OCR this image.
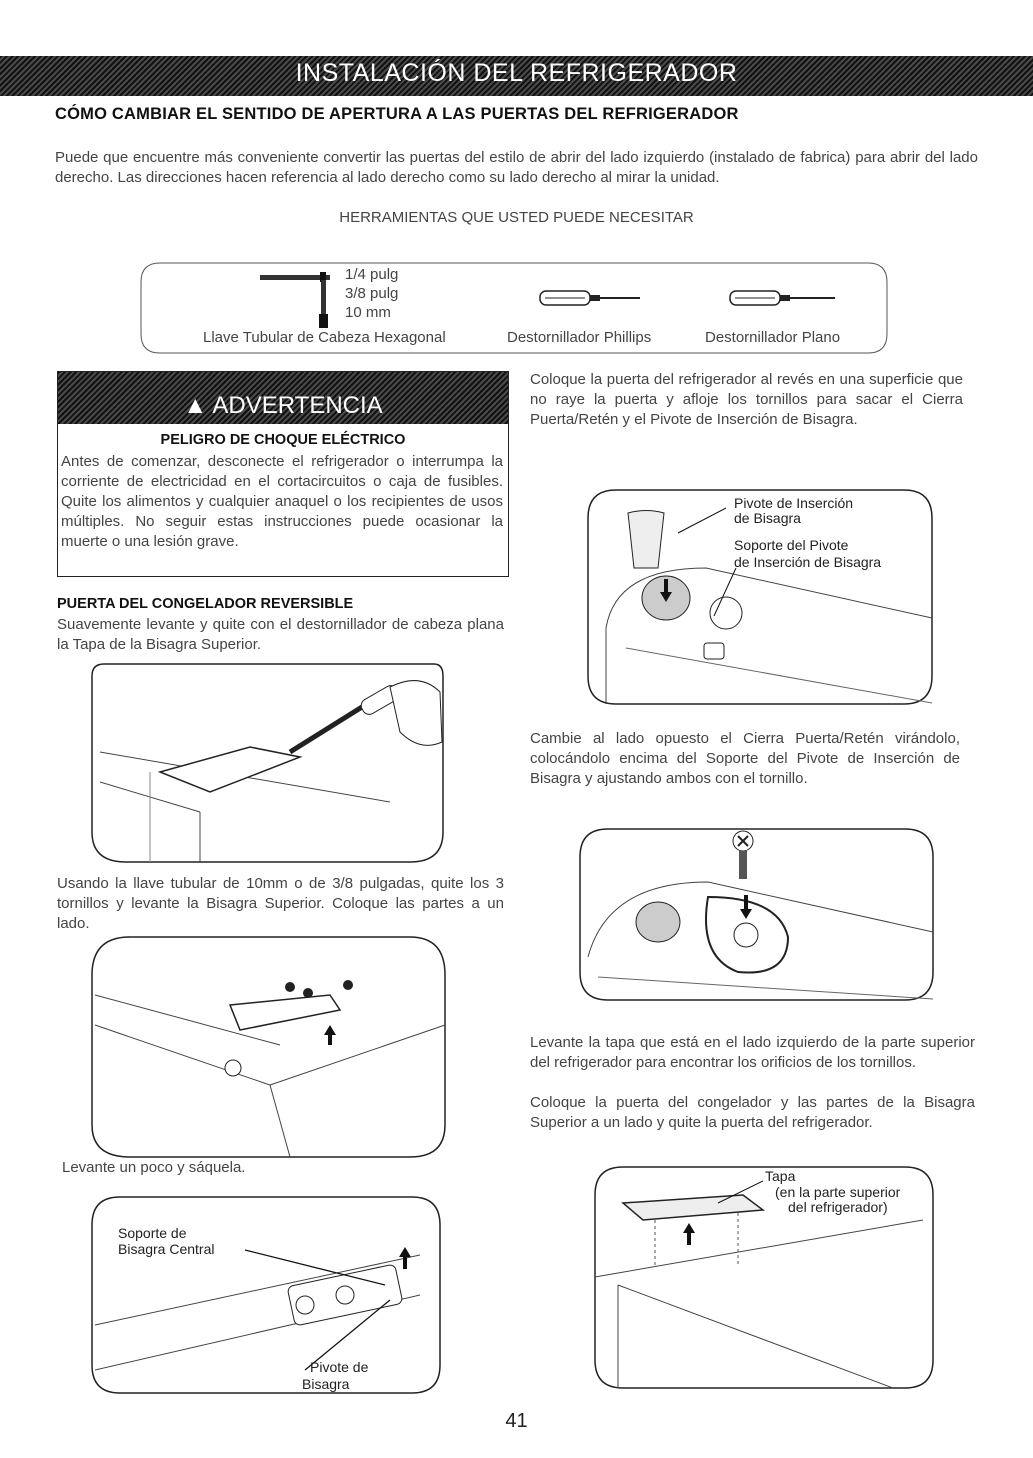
INSTALACIÓN DEL REFRIGERADOR
CÓMO CAMBIAR EL SENTIDO DE APERTURA A LAS PUERTAS DEL REFRIGERADOR
Puede que encuentre más conveniente convertir las puertas del estilo de abrir del lado izquierdo (instalado de fabrica) para abrir del lado derecho. Las direcciones hacen referencia al lado derecho como su lado derecho al mirar la unidad.
HERRAMIENTAS QUE USTED PUEDE NECESITAR
1/4 pulg
3/8 pulg
10 mm
Llave Tubular de Cabeza Hexagonal	Destornillador Phillips	Destornillador Plano
▲ ADVERTENCIA
PELIGRO DE CHOQUE ELÉCTRICO
Antes de comenzar, desconecte el refrigerador o interrumpa la corriente de electricidad en el cortacircuitos o caja de fusibles. Quite los alimentos y cualquier anaquel o los recipientes de usos múltiples. No seguir estas instrucciones puede ocasionar la muerte o una lesión grave.
PUERTA DEL CONGELADOR REVERSIBLE
Suavemente levante y quite con el destornillador de cabeza plana la Tapa de la Bisagra Superior.
Usando la llave tubular de 10mm o de 3/8 pulgadas, quite los 3 tornillos y levante la Bisagra Superior. Coloque las partes a un lado.
Levante un poco y sáquela.
Soporte de
Bisagra Central
Pivote de
Bisagra
Coloque la puerta del refrigerador al revés en una superficie que no raye la puerta y afloje los tornillos para sacar el Cierra Puerta/Retén y el Pivote de Inserción de Bisagra.
Pivote de Inserción
de Bisagra
Soporte del Pivote
de Inserción de Bisagra
Cambie al lado opuesto el Cierra Puerta/Retén virándolo, colocándolo encima del Soporte del Pivote de Inserción de Bisagra y ajustando ambos con el tornillo.
Levante la tapa que está en el lado izquierdo de la parte superior del refrigerador para encontrar los orificios de los tornillos.
Coloque la puerta del congelador y las partes de la Bisagra Superior a un lado y quite la puerta del refrigerador.
Tapa
(en la parte superior
del refrigerador)
41
